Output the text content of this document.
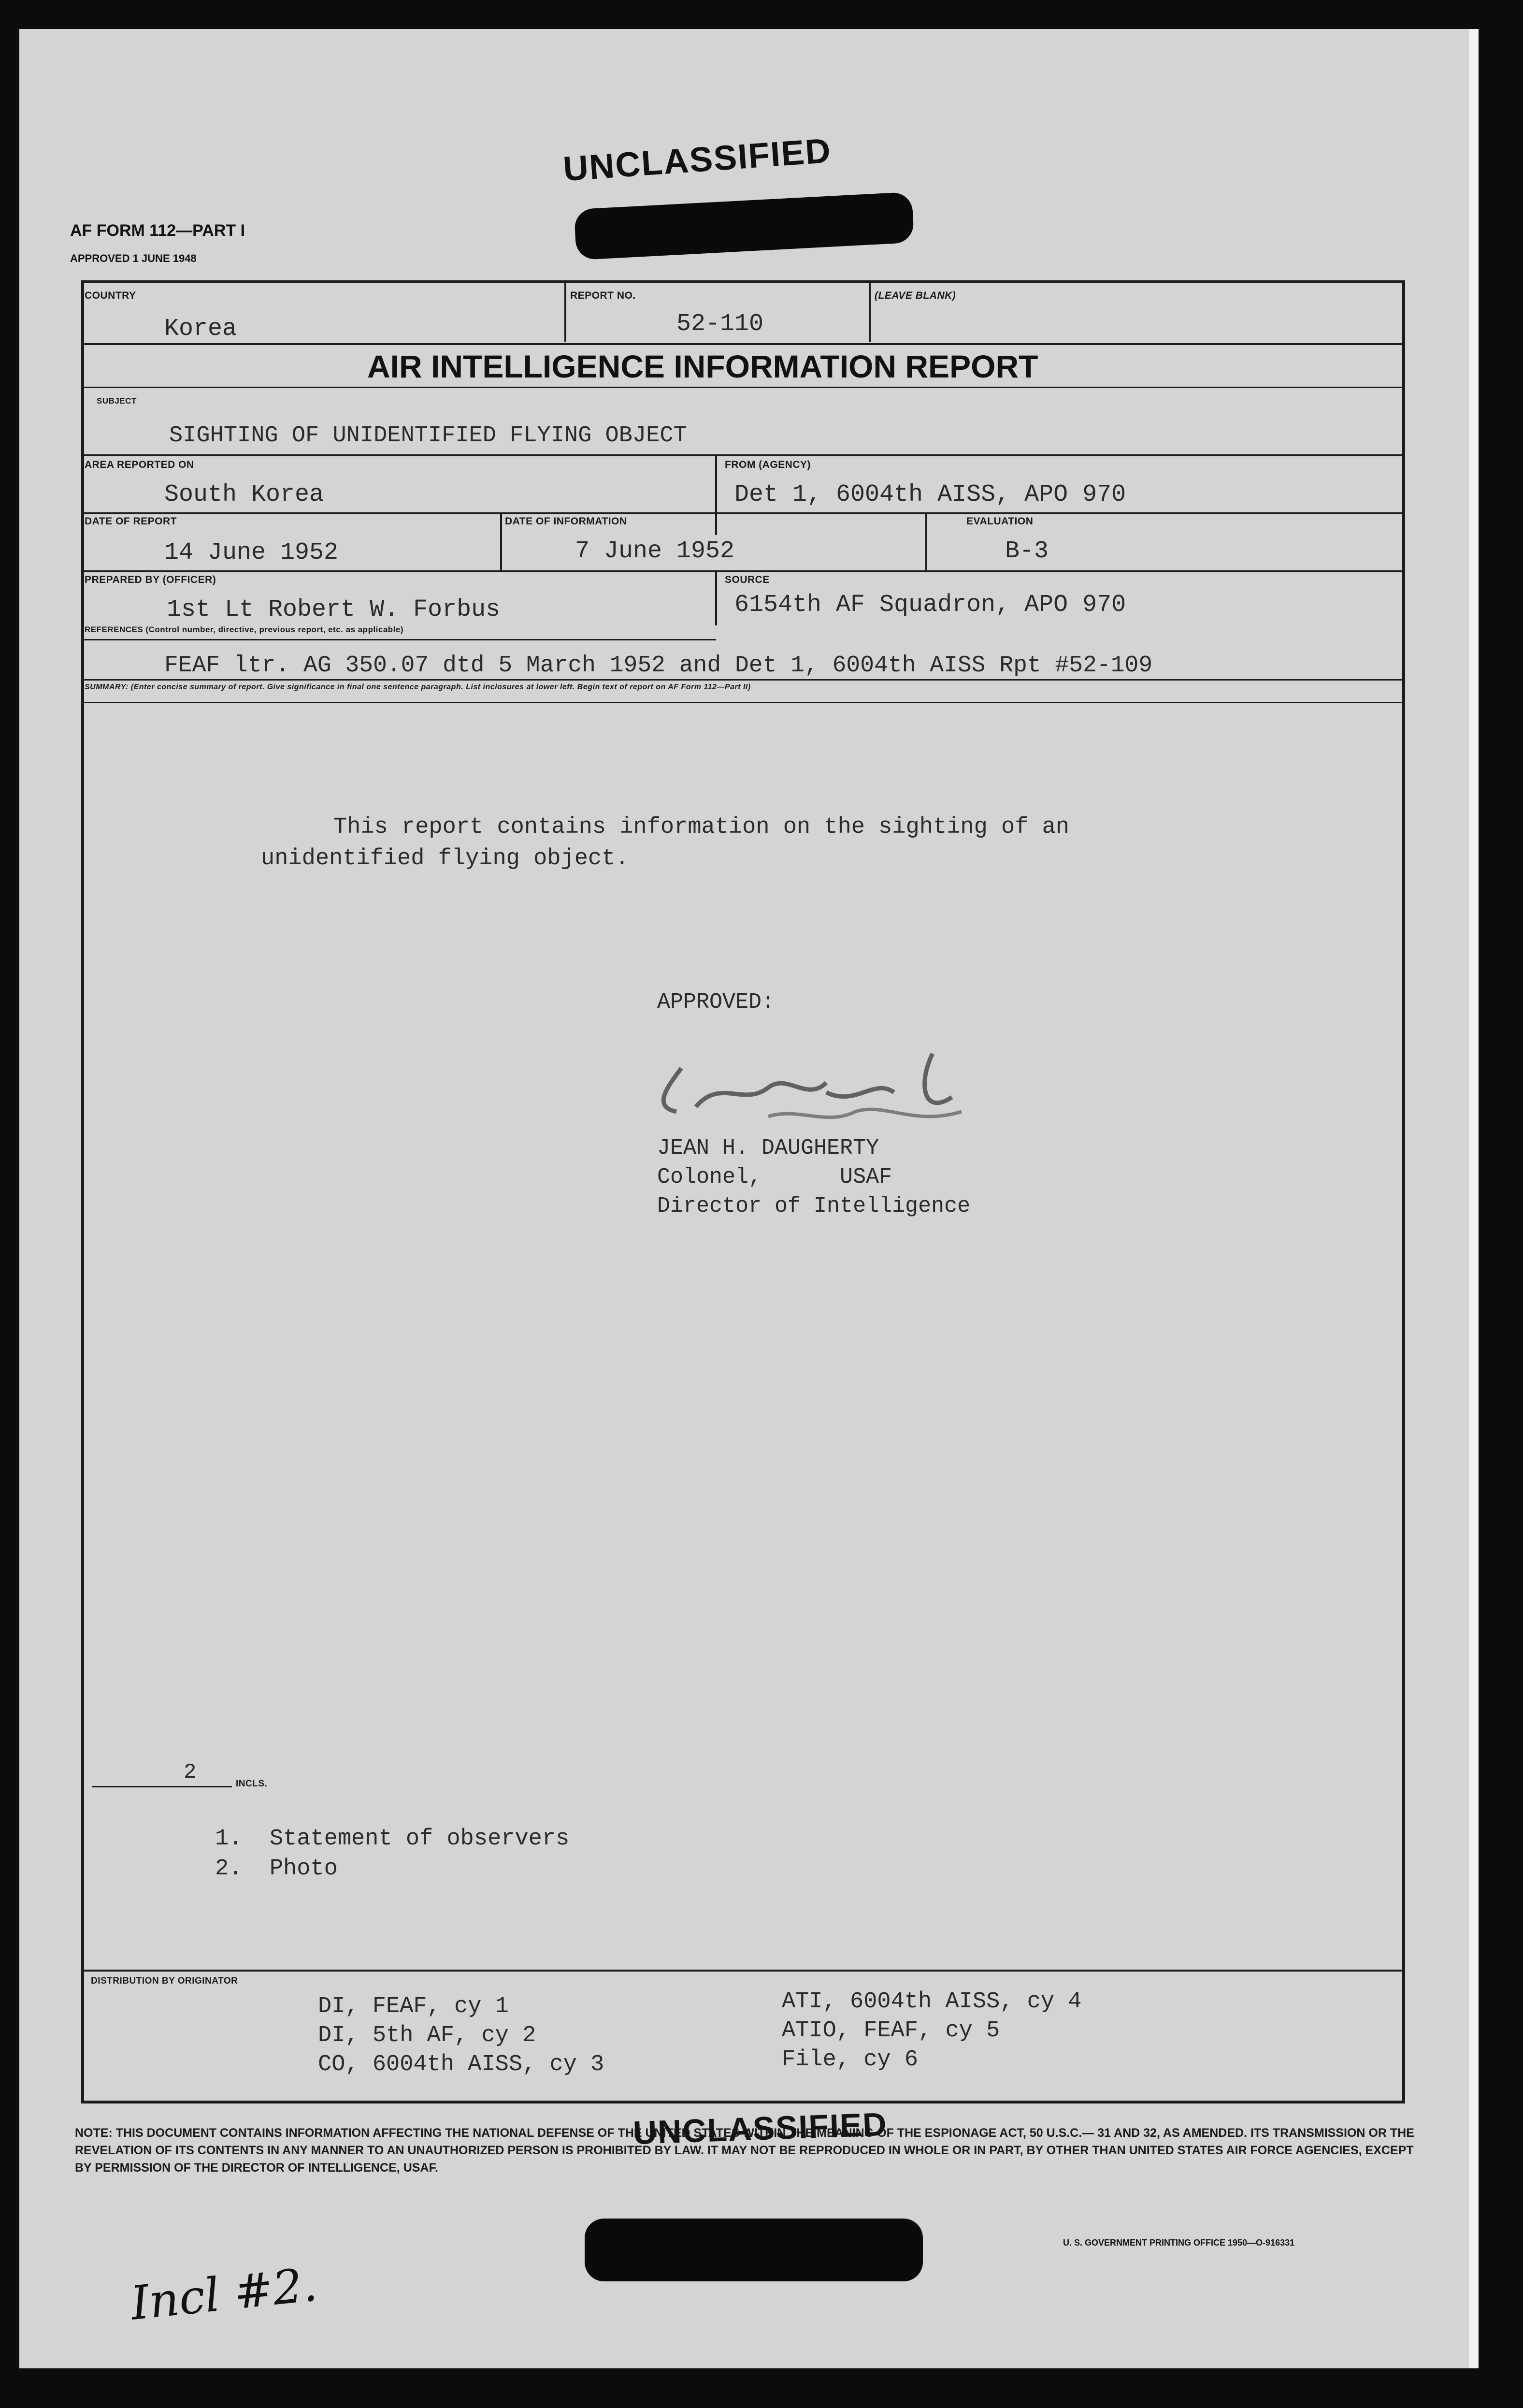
UNCLASSIFIED
AF FORM 112—PART I
APPROVED 1 JUNE 1948
COUNTRY
Korea
REPORT NO.
52-110
(LEAVE BLANK)
AIR INTELLIGENCE INFORMATION REPORT
SUBJECT
SIGHTING OF UNIDENTIFIED FLYING OBJECT
AREA REPORTED ON
South Korea
FROM (AGENCY)
Det 1, 6004th AISS, APO 970
DATE OF REPORT
14 June 1952
DATE OF INFORMATION
7 June 1952
EVALUATION
B-3
PREPARED BY (OFFICER)
1st Lt Robert W. Forbus
SOURCE
6154th AF Squadron, APO 970
REFERENCES (Control number, directive, previous report, etc. as applicable)
FEAF ltr. AG 350.07 dtd 5 March 1952 and Det 1, 6004th AISS Rpt #52-109
SUMMARY: (Enter concise summary of report. Give significance in final one sentence paragraph. List inclosures at lower left. Begin text of report on AF Form 112—Part II)
This report contains information on the sighting of an
unidentified flying object.
APPROVED:
JEAN H. DAUGHERTY
Colonel,      USAF
Director of Intelligence
2	INCLS.
1.  Statement of observers
2.  Photo
DISTRIBUTION BY ORIGINATOR
DI, FEAF, cy 1
DI, 5th AF, cy 2
CO, 6004th AISS, cy 3
ATI, 6004th AISS, cy 4
ATIO, FEAF, cy 5
File, cy 6
NOTE: THIS DOCUMENT CONTAINS INFORMATION AFFECTING THE NATIONAL DEFENSE OF THE UNITED STATES WITHIN THE MEANING OF THE ESPIONAGE ACT, 50 U.S.C.— 31 AND 32, AS AMENDED. ITS TRANSMISSION OR THE REVELATION OF ITS CONTENTS IN ANY MANNER TO AN UNAUTHORIZED PERSON IS PROHIBITED BY LAW. IT MAY NOT BE REPRODUCED IN WHOLE OR IN PART, BY OTHER THAN UNITED STATES AIR FORCE AGENCIES, EXCEPT BY PERMISSION OF THE DIRECTOR OF INTELLIGENCE, USAF.
UNCLASSIFIED
U. S. GOVERNMENT PRINTING OFFICE 1950—O-916331
Incl #2.
